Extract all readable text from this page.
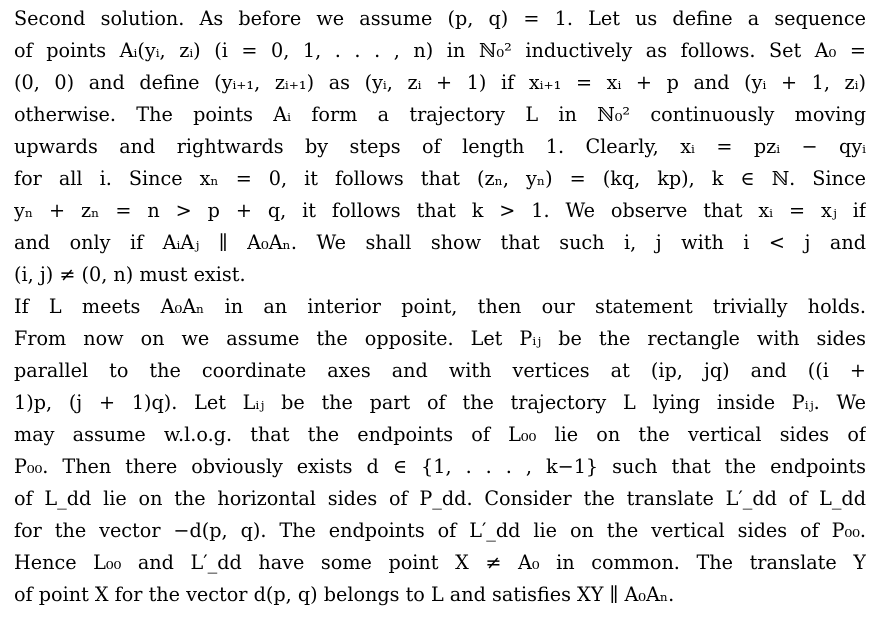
Second solution. As before we assume (p, q) = 1. Let us define a sequence
of points Aᵢ(yᵢ, zᵢ) (i = 0, 1, . . . , n) in ℕ₀² inductively as follows. Set A₀ =
(0, 0) and define (yᵢ₊₁, zᵢ₊₁) as (yᵢ, zᵢ + 1) if xᵢ₊₁ = xᵢ + p and (yᵢ + 1, zᵢ)
otherwise. The points Aᵢ form a trajectory L in ℕ₀² continuously moving
upwards and rightwards by steps of length 1. Clearly, xᵢ = pzᵢ − qyᵢ
for all i. Since xₙ = 0, it follows that (zₙ, yₙ) = (kq, kp), k ∈ ℕ. Since
yₙ + zₙ = n > p + q, it follows that k > 1. We observe that xᵢ = xⱼ if
and only if AᵢAⱼ ∥ A₀Aₙ. We shall show that such i, j with i < j and
(i, j) ≠ (0, n) must exist.
If L meets A₀Aₙ in an interior point, then our statement trivially holds.
From now on we assume the opposite. Let Pᵢⱼ be the rectangle with sides
parallel to the coordinate axes and with vertices at (ip, jq) and ((i +
1)p, (j + 1)q). Let Lᵢⱼ be the part of the trajectory L lying inside Pᵢⱼ. We
may assume w.l.o.g. that the endpoints of L₀₀ lie on the vertical sides of
P₀₀. Then there obviously exists d ∈ {1, . . . , k−1} such that the endpoints
of L_dd lie on the horizontal sides of P_dd. Consider the translate L′_dd of L_dd
for the vector −d(p, q). The endpoints of L′_dd lie on the vertical sides of P₀₀.
Hence L₀₀ and L′_dd have some point X ≠ A₀ in common. The translate Y
of point X for the vector d(p, q) belongs to L and satisfies XY ∥ A₀Aₙ.
